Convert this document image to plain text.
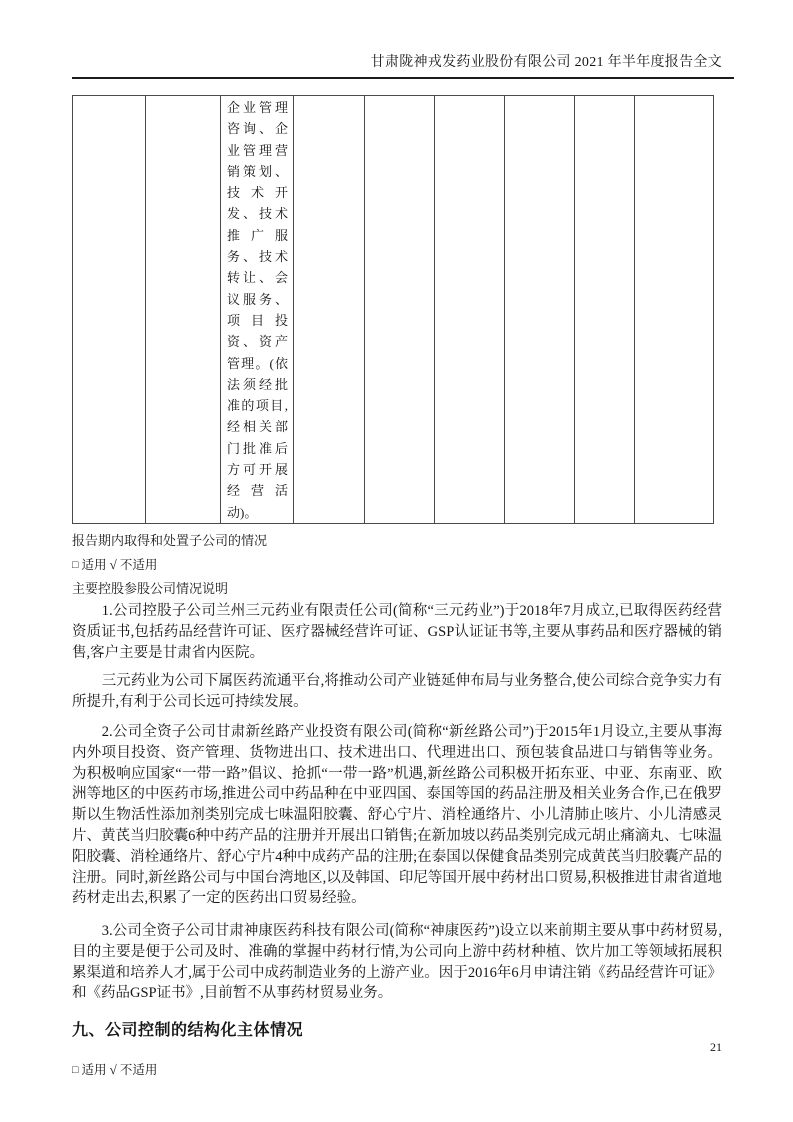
甘肃陇神戎发药业股份有限公司 2021 年半年度报告全文
		企业管理咨询、企业管理营销策划、技术开发、技术推广服务、技术转让、会议服务、项目投资、资产管理。(依法须经批准的项目,经相关部门批准后方可开展经营活动)。						
报告期内取得和处置子公司的情况
□ 适用 √ 不适用
主要控股参股公司情况说明

1.公司控股子公司兰州三元药业有限责任公司(简称“三元药业”)于2018年7月成立,已取得医药经营资质证书,包括药品经营许可证、医疗器械经营许可证、GSP认证证书等,主要从事药品和医疗器械的销售,客户主要是甘肃省内医院。

三元药业为公司下属医药流通平台,将推动公司产业链延伸布局与业务整合,使公司综合竞争实力有所提升,有利于公司长远可持续发展。

2.公司全资子公司甘肃新丝路产业投资有限公司(简称“新丝路公司”)于2015年1月设立,主要从事海内外项目投资、资产管理、货物进出口、技术进出口、代理进出口、预包装食品进口与销售等业务。为积极响应国家“一带一路”倡议、抢抓“一带一路”机遇,新丝路公司积极开拓东亚、中亚、东南亚、欧洲等地区的中医药市场,推进公司中药品种在中亚四国、泰国等国的药品注册及相关业务合作,已在俄罗斯以生物活性添加剂类别完成七味温阳胶囊、舒心宁片、消栓通络片、小儿清肺止咳片、小儿清感灵片、黄芪当归胶囊6种中药产品的注册并开展出口销售;在新加坡以药品类别完成元胡止痛滴丸、七味温阳胶囊、消栓通络片、舒心宁片4种中成药产品的注册;在泰国以保健食品类别完成黄芪当归胶囊产品的注册。同时,新丝路公司与中国台湾地区,以及韩国、印尼等国开展中药材出口贸易,积极推进甘肃省道地药材走出去,积累了一定的医药出口贸易经验。

3.公司全资子公司甘肃神康医药科技有限公司(简称“神康医药”)设立以来前期主要从事中药材贸易,目的主要是便于公司及时、准确的掌握中药材行情,为公司向上游中药材种植、饮片加工等领域拓展积累渠道和培养人才,属于公司中成药制造业务的上游产业。因于2016年6月申请注销《药品经营许可证》和《药品GSP证书》,目前暂不从事药材贸易业务。

九、公司控制的结构化主体情况
□ 适用 √ 不适用
21
